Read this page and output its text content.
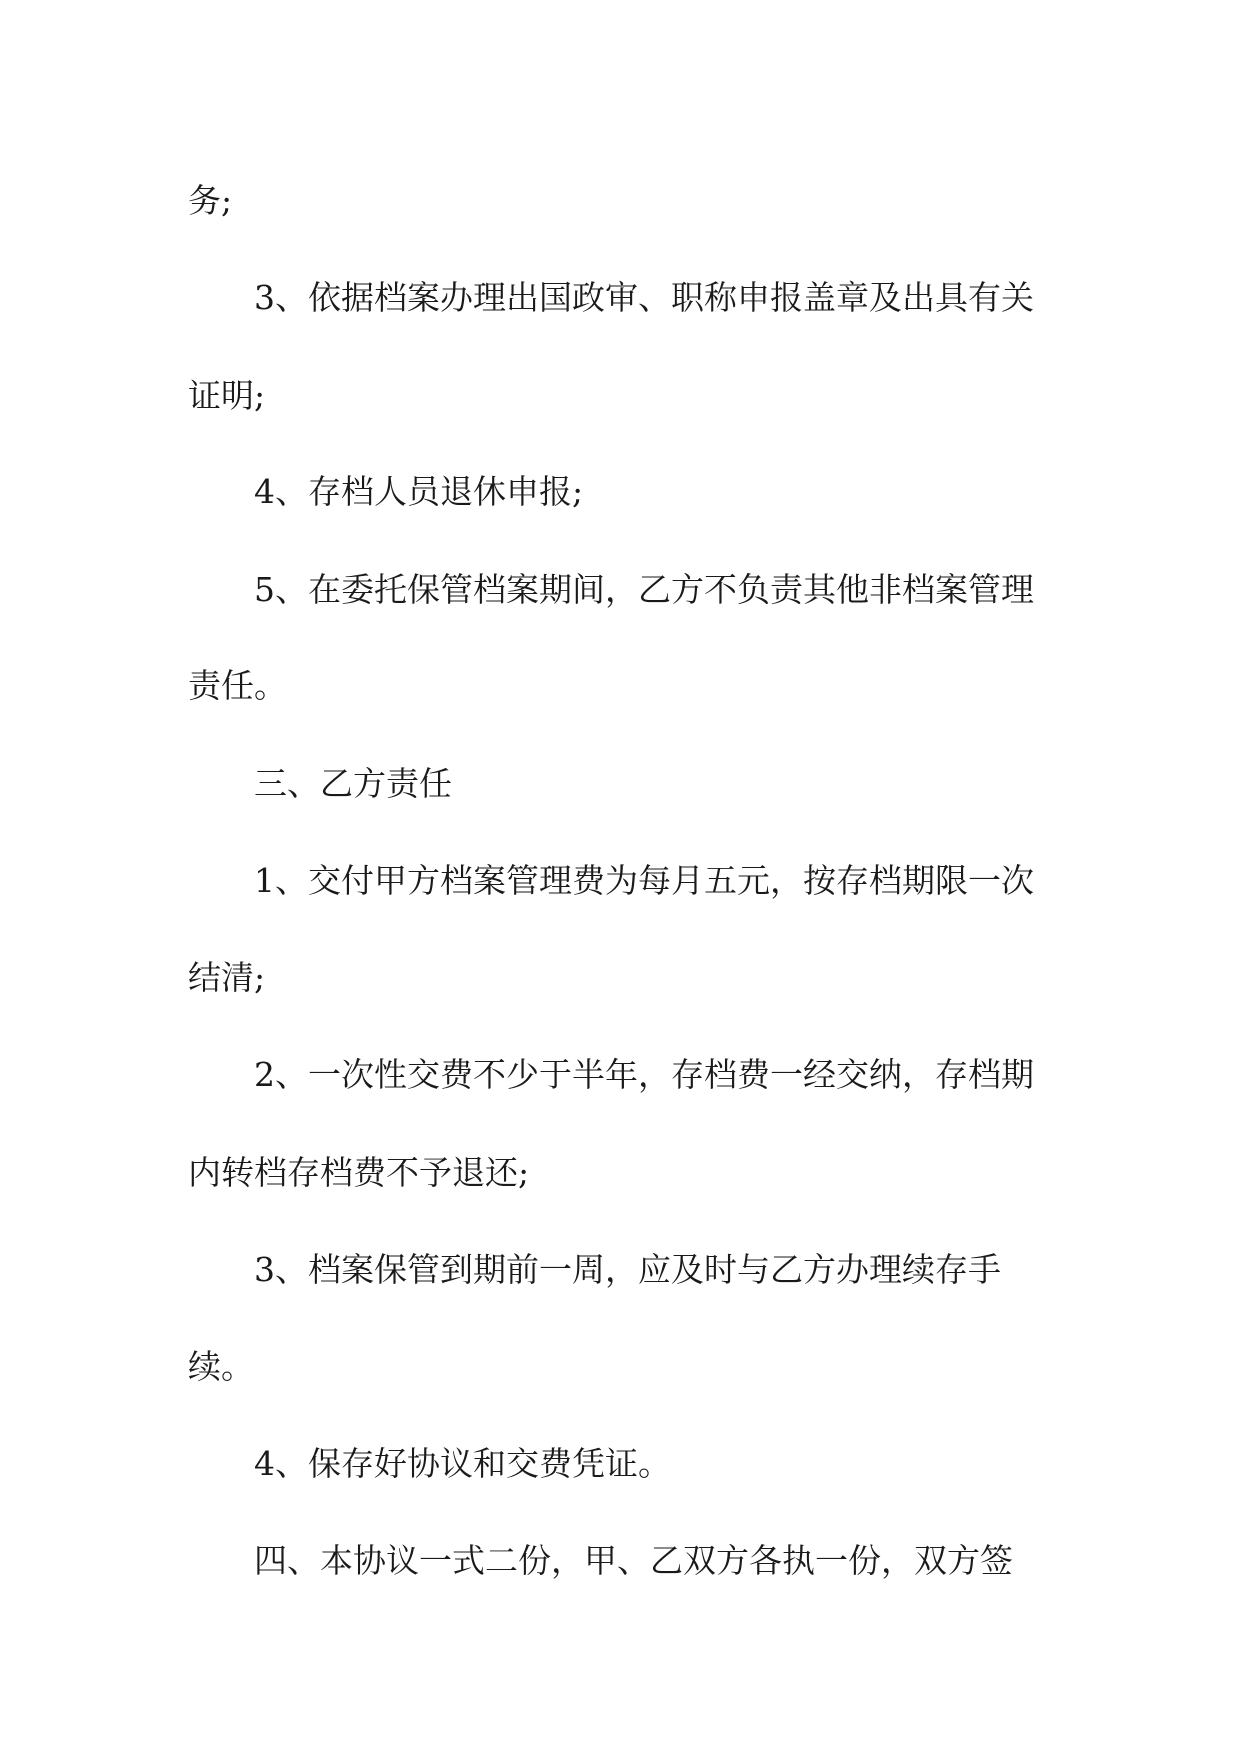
务;
3、依据档案办理出国政审、职称申报盖章及出具有关
证明;
4、存档人员退休申报;
5、在委托保管档案期间，乙方不负责其他非档案管理
责任。
三、乙方责任
1、交付甲方档案管理费为每月五元，按存档期限一次
结清;
2、一次性交费不少于半年，存档费一经交纳，存档期
内转档存档费不予退还;
3、档案保管到期前一周，应及时与乙方办理续存手
续。
4、保存好协议和交费凭证。
四、本协议一式二份，甲、乙双方各执一份，双方签
